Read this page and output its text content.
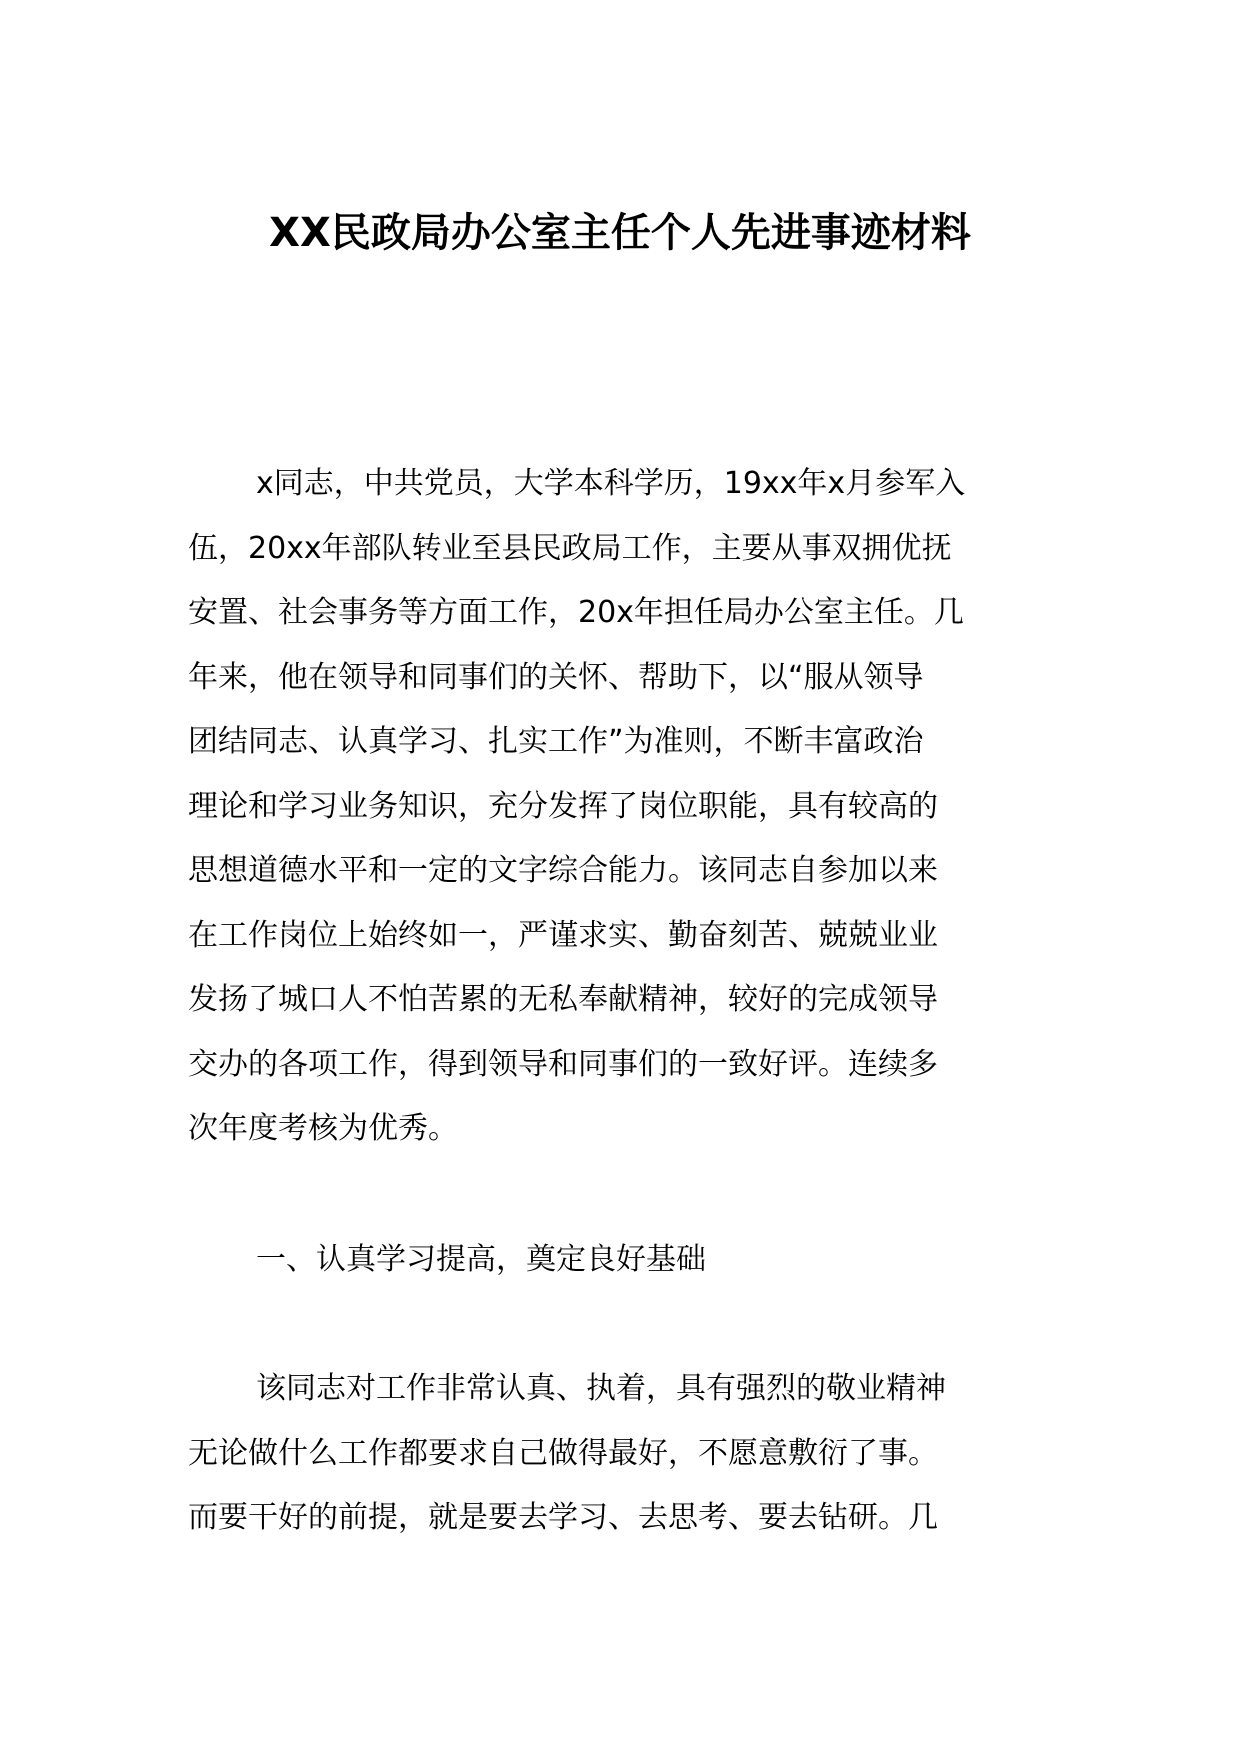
XX民政局办公室主任个人先进事迹材料
x同志，中共党员，大学本科学历，19xx年x月参军入
伍，20xx年部队转业至县民政局工作，主要从事双拥优抚
安置、社会事务等方面工作，20x年担任局办公室主任。几
年来，他在领导和同事们的关怀、帮助下，以“服从领导
团结同志、认真学习、扎实工作”为准则，不断丰富政治
理论和学习业务知识，充分发挥了岗位职能，具有较高的
思想道德水平和一定的文字综合能力。该同志自参加以来
在工作岗位上始终如一，严谨求实、勤奋刻苦、兢兢业业
发扬了城口人不怕苦累的无私奉献精神，较好的完成领导
交办的各项工作，得到领导和同事们的一致好评。连续多
次年度考核为优秀。
一、认真学习提高，奠定良好基础
该同志对工作非常认真、执着，具有强烈的敬业精神
无论做什么工作都要求自己做得最好，不愿意敷衍了事。
而要干好的前提，就是要去学习、去思考、要去钻研。几
